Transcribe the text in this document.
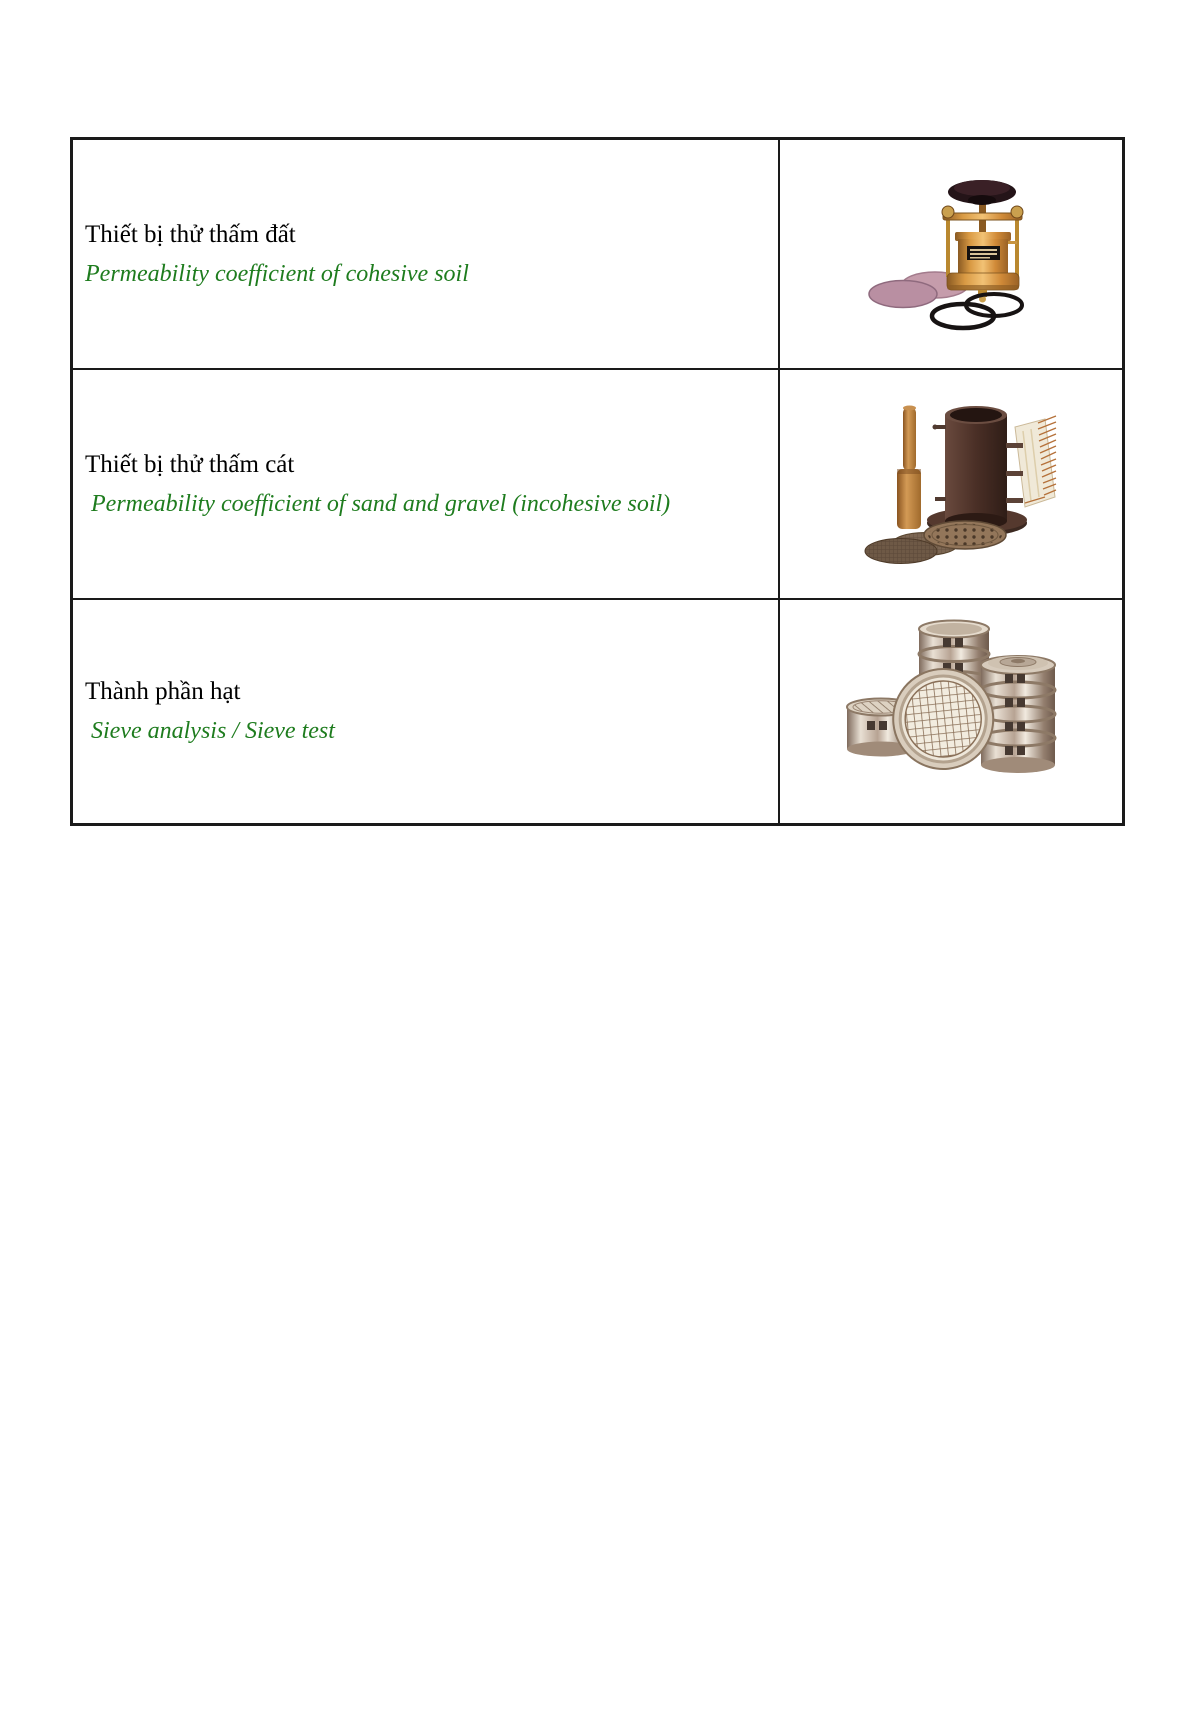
Thiết bị thử thấm đất

Permeability coefficient of cohesive soil

Thiết bị thử thấm cát

Permeability coefficient of sand and gravel (incohesive soil)

Thành phần hạt

Sieve analysis / Sieve test
